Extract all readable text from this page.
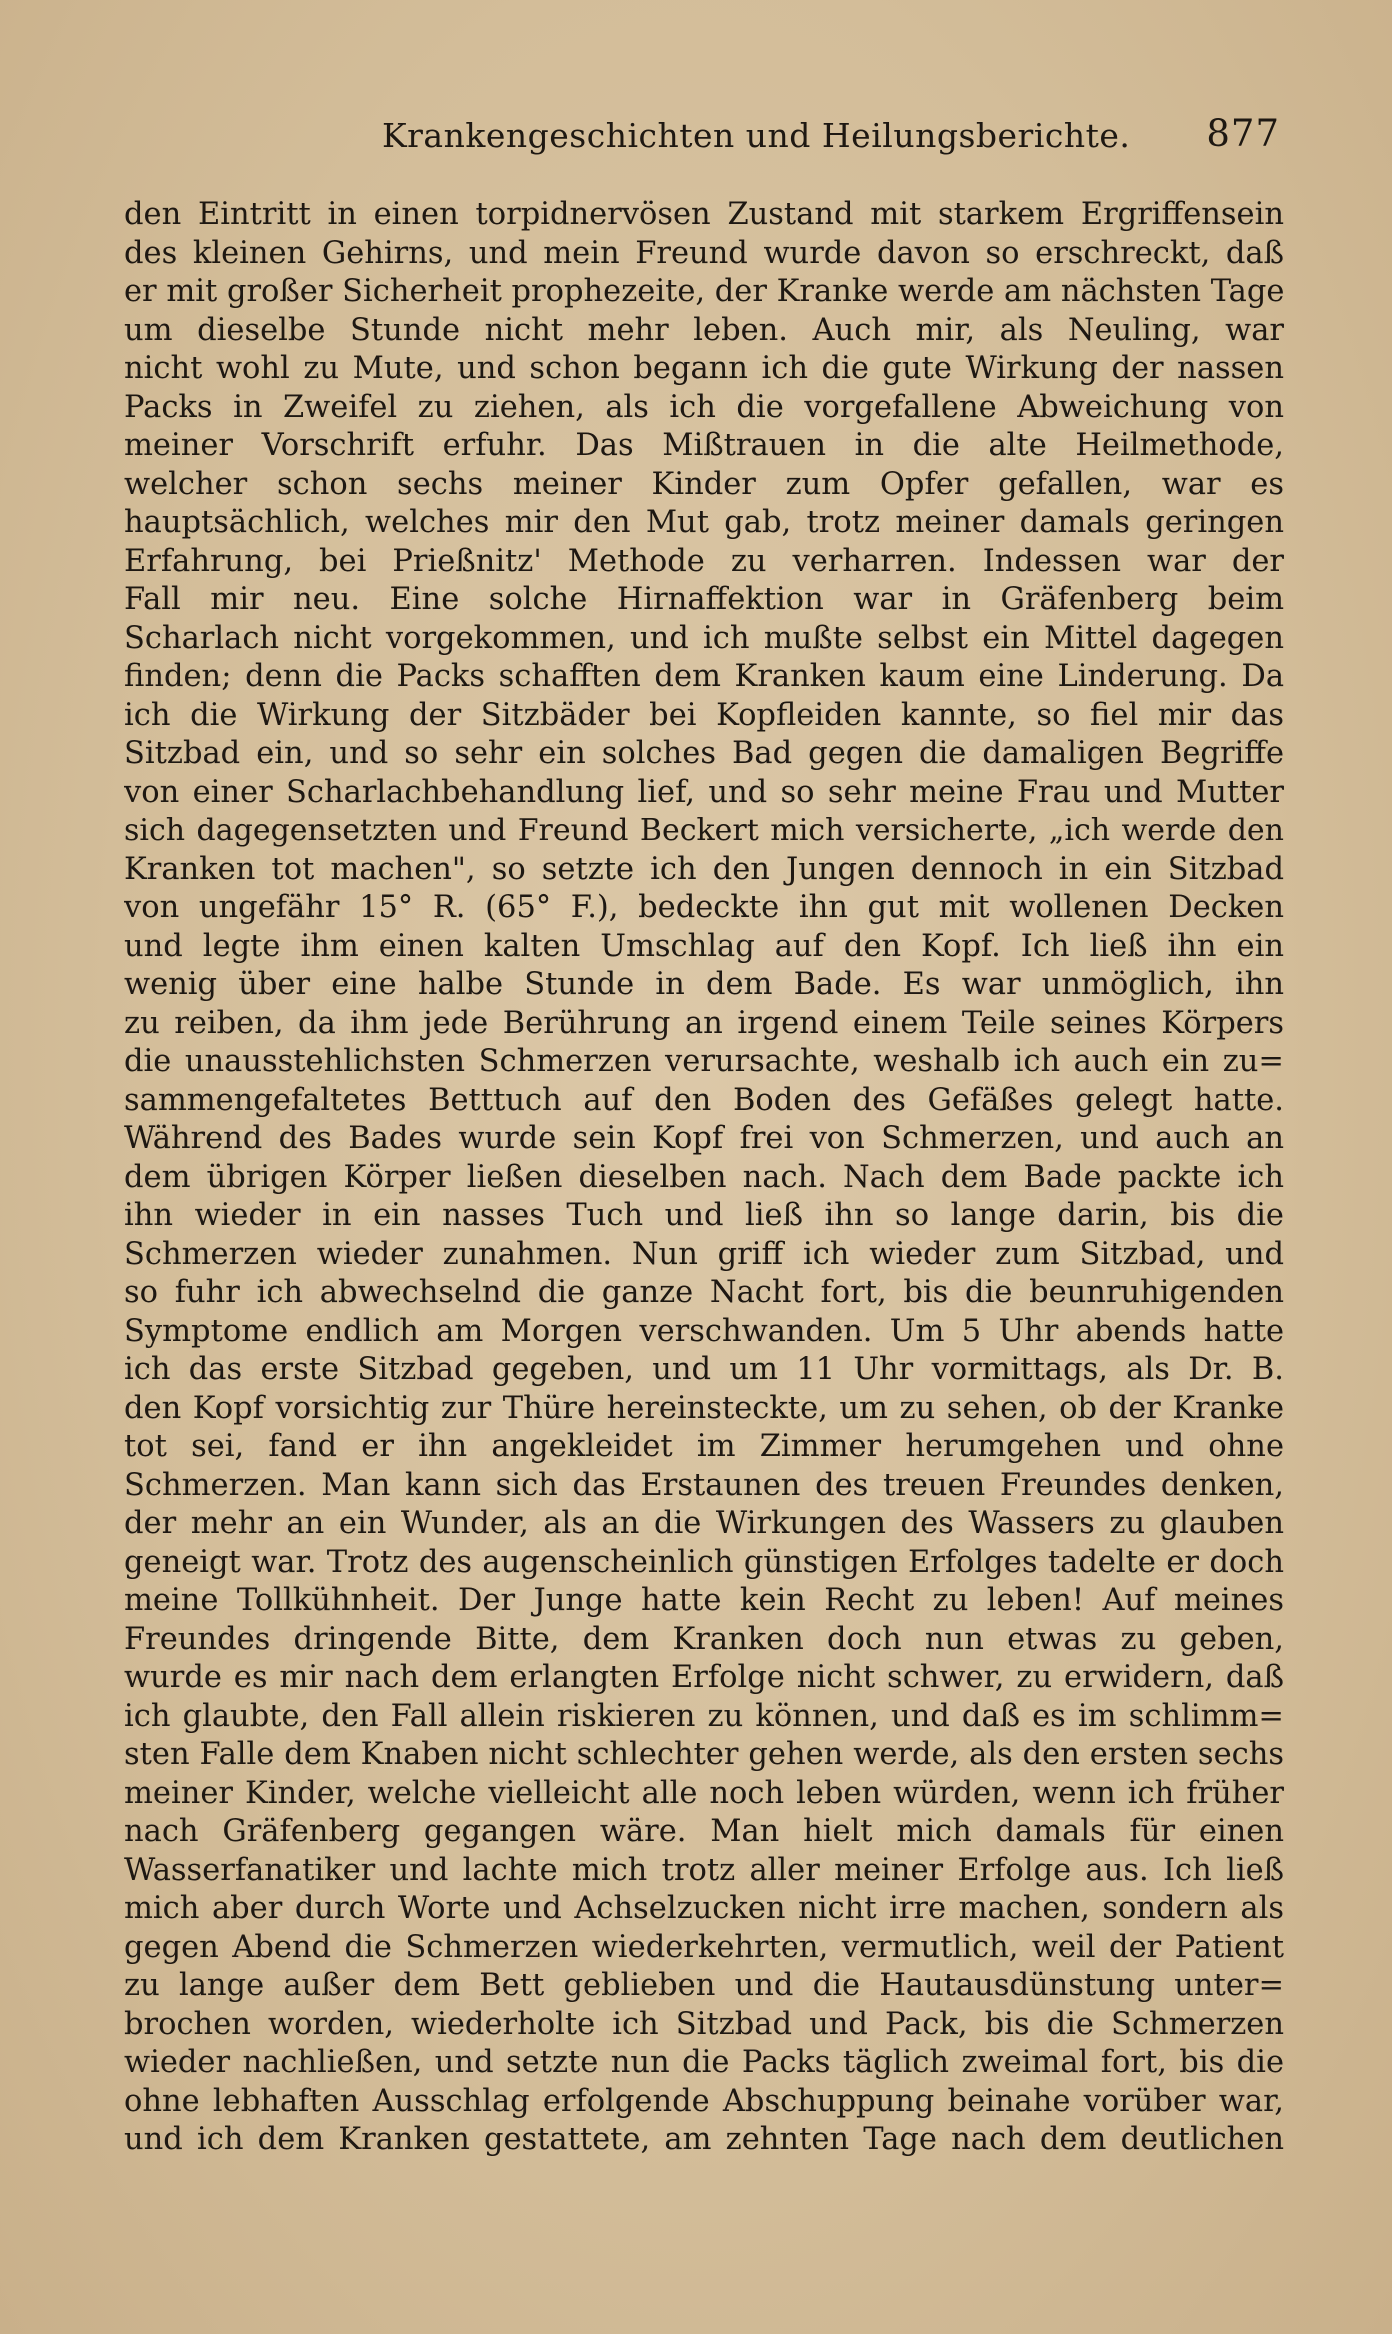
Krankengeschichten und Heilungsberichte. 877
den Eintritt in einen torpidnervösen Zustand mit starkem Ergriffensein
des kleinen Gehirns, und mein Freund wurde davon so erschreckt, daß
er mit großer Sicherheit prophezeite, der Kranke werde am nächsten Tage
um dieselbe Stunde nicht mehr leben. Auch mir, als Neuling, war
nicht wohl zu Mute, und schon begann ich die gute Wirkung der nassen
Packs in Zweifel zu ziehen, als ich die vorgefallene Abweichung von
meiner Vorschrift erfuhr. Das Mißtrauen in die alte Heilmethode,
welcher schon sechs meiner Kinder zum Opfer gefallen, war es
hauptsächlich, welches mir den Mut gab, trotz meiner damals geringen
Erfahrung, bei Prießnitz' Methode zu verharren. Indessen war der
Fall mir neu. Eine solche Hirnaffektion war in Gräfenberg beim
Scharlach nicht vorgekommen, und ich mußte selbst ein Mittel dagegen
finden; denn die Packs schafften dem Kranken kaum eine Linderung. Da
ich die Wirkung der Sitzbäder bei Kopfleiden kannte, so fiel mir das
Sitzbad ein, und so sehr ein solches Bad gegen die damaligen Begriffe
von einer Scharlachbehandlung lief, und so sehr meine Frau und Mutter
sich dagegensetzten und Freund Beckert mich versicherte, „ich werde den
Kranken tot machen", so setzte ich den Jungen dennoch in ein Sitzbad
von ungefähr 15° R. (65° F.), bedeckte ihn gut mit wollenen Decken
und legte ihm einen kalten Umschlag auf den Kopf. Ich ließ ihn ein
wenig über eine halbe Stunde in dem Bade. Es war unmöglich, ihn
zu reiben, da ihm jede Berührung an irgend einem Teile seines Körpers
die unausstehlichsten Schmerzen verursachte, weshalb ich auch ein zu=
sammengefaltetes Betttuch auf den Boden des Gefäßes gelegt hatte.
Während des Bades wurde sein Kopf frei von Schmerzen, und auch an
dem übrigen Körper ließen dieselben nach. Nach dem Bade packte ich
ihn wieder in ein nasses Tuch und ließ ihn so lange darin, bis die
Schmerzen wieder zunahmen. Nun griff ich wieder zum Sitzbad, und
so fuhr ich abwechselnd die ganze Nacht fort, bis die beunruhigenden
Symptome endlich am Morgen verschwanden. Um 5 Uhr abends hatte
ich das erste Sitzbad gegeben, und um 11 Uhr vormittags, als Dr. B.
den Kopf vorsichtig zur Thüre hereinsteckte, um zu sehen, ob der Kranke
tot sei, fand er ihn angekleidet im Zimmer herumgehen und ohne
Schmerzen. Man kann sich das Erstaunen des treuen Freundes denken,
der mehr an ein Wunder, als an die Wirkungen des Wassers zu glauben
geneigt war. Trotz des augenscheinlich günstigen Erfolges tadelte er doch
meine Tollkühnheit. Der Junge hatte kein Recht zu leben! Auf meines
Freundes dringende Bitte, dem Kranken doch nun etwas zu geben,
wurde es mir nach dem erlangten Erfolge nicht schwer, zu erwidern, daß
ich glaubte, den Fall allein riskieren zu können, und daß es im schlimm=
sten Falle dem Knaben nicht schlechter gehen werde, als den ersten sechs
meiner Kinder, welche vielleicht alle noch leben würden, wenn ich früher
nach Gräfenberg gegangen wäre. Man hielt mich damals für einen
Wasserfanatiker und lachte mich trotz aller meiner Erfolge aus. Ich ließ
mich aber durch Worte und Achselzucken nicht irre machen, sondern als
gegen Abend die Schmerzen wiederkehrten, vermutlich, weil der Patient
zu lange außer dem Bett geblieben und die Hautausdünstung unter=
brochen worden, wiederholte ich Sitzbad und Pack, bis die Schmerzen
wieder nachließen, und setzte nun die Packs täglich zweimal fort, bis die
ohne lebhaften Ausschlag erfolgende Abschuppung beinahe vorüber war,
und ich dem Kranken gestattete, am zehnten Tage nach dem deutlichen
